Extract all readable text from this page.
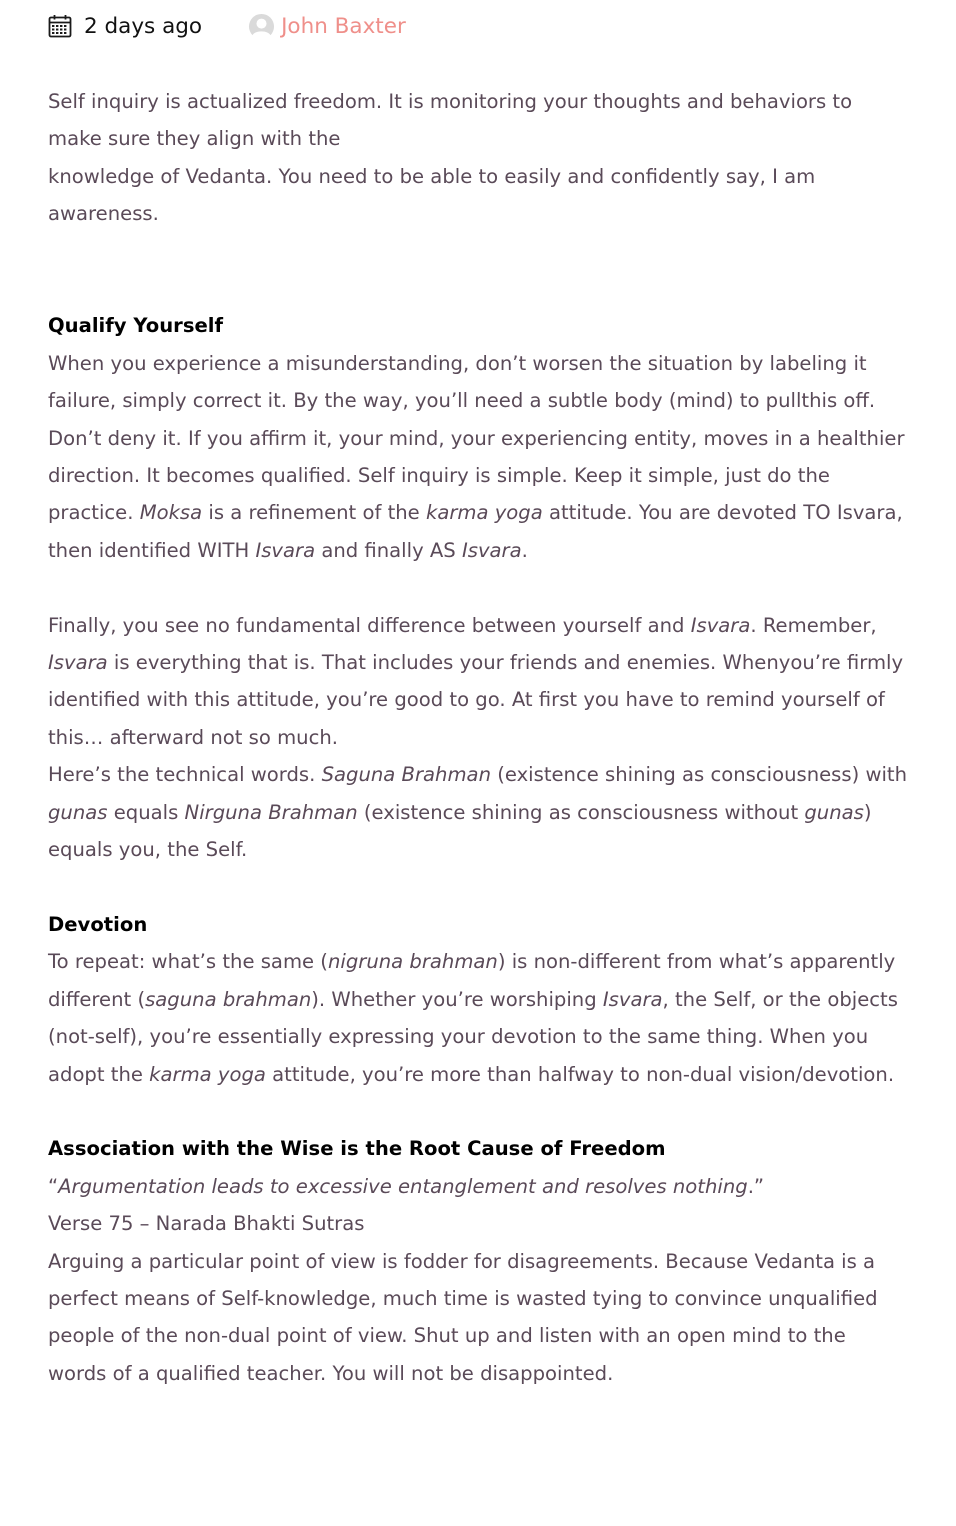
2 days ago	John Baxter

Self inquiry is actualized freedom. It is monitoring your thoughts and behaviors to make sure they align with the
knowledge of Vedanta. You need to be able to easily and confidently say, I am awareness.

Qualify Yourself

When you experience a misunderstanding, don’t worsen the situation by labeling it failure, simply correct it. By the way, you’ll need a subtle body (mind) to pullthis off. Don’t deny it. If you affirm it, your mind, your experiencing entity, moves in a healthier direction. It becomes qualified. Self inquiry is simple. Keep it simple, just do the practice. Moksa is a refinement of the karma yoga attitude. You are devoted TO Isvara, then identified WITH Isvara and finally AS Isvara.

Finally, you see no fundamental difference between yourself and Isvara. Remember, Isvara is everything that is. That includes your friends and enemies. Whenyou’re firmly identified with this attitude, you’re good to go. At first you have to remind yourself of this… afterward not so much.

Here’s the technical words. Saguna Brahman (existence shining as consciousness) with gunas equals Nirguna Brahman (existence shining as consciousness without gunas) equals you, the Self.

Devotion

To repeat: what’s the same (nigruna brahman) is non-different from what’s apparently different (saguna brahman). Whether you’re worshiping Isvara, the Self, or the objects (not-self), you’re essentially expressing your devotion to the same thing. When you adopt the karma yoga attitude, you’re more than halfway to non-dual vision/devotion.

Association with the Wise is the Root Cause of Freedom

“Argumentation leads to excessive entanglement and resolves nothing.”

Verse 75 – Narada Bhakti Sutras

Arguing a particular point of view is fodder for disagreements. Because Vedanta is a perfect means of Self-knowledge, much time is wasted tying to convince unqualified people of the non-dual point of view. Shut up and listen with an open mind to the words of a qualified teacher. You will not be disappointed.
